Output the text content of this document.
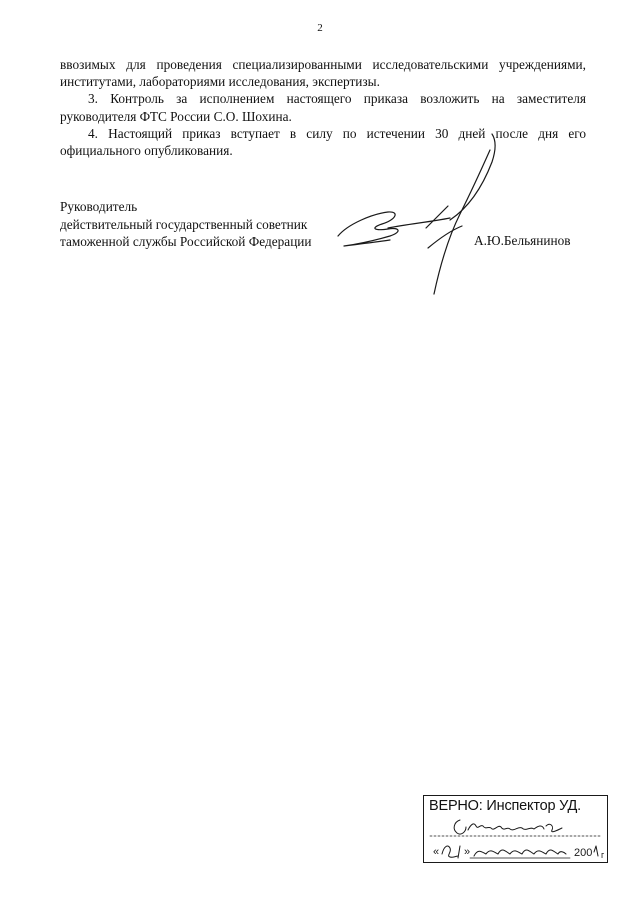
2

ввозимых для проведения специализированными исследовательскими учреждениями, институтами, лабораториями исследования, экспертизы.

3. Контроль за исполнением настоящего приказа возложить на заместителя руководителя ФТС России С.О. Шохина.

4. Настоящий приказ вступает в силу по истечении 30 дней после дня его официального опубликования.

Руководитель
действительный государственный советник
таможенной службы Российской Федерации	А.Ю.Бельянинов
ВЕРНО: Инспектор УД.
« »	200 г
